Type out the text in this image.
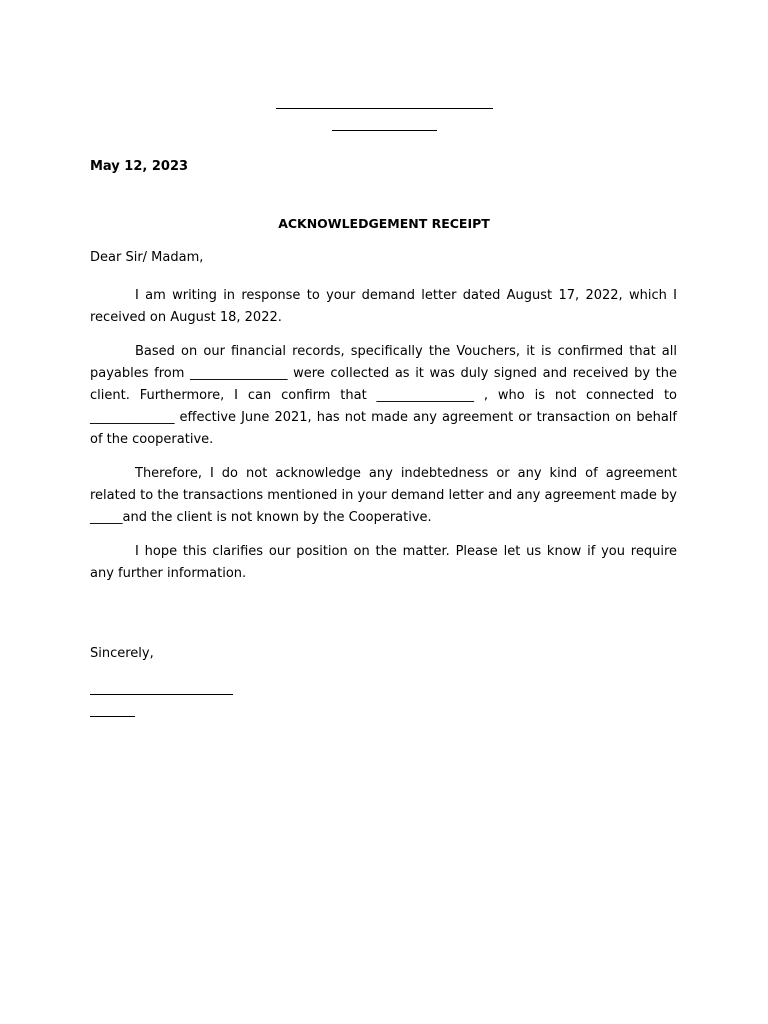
May 12, 2023
ACKNOWLEDGEMENT RECEIPT
Dear Sir/ Madam,

I am writing in response to your demand letter dated August 17, 2022, which I received on August 18, 2022.

Based on our financial records, specifically the Vouchers, it is confirmed that all payables from _______________ were collected as it was duly signed and received by the client. Furthermore, I can confirm that _______________ , who is not connected to _____________ effective June 2021, has not made any agreement or transaction on behalf of the cooperative.

Therefore, I do not acknowledge any indebtedness or any kind of agreement related to the transactions mentioned in your demand letter and any agreement made by _____and the client is not known by the Cooperative.

I hope this clarifies our position on the matter. Please let us know if you require any further information.

Sincerely,
